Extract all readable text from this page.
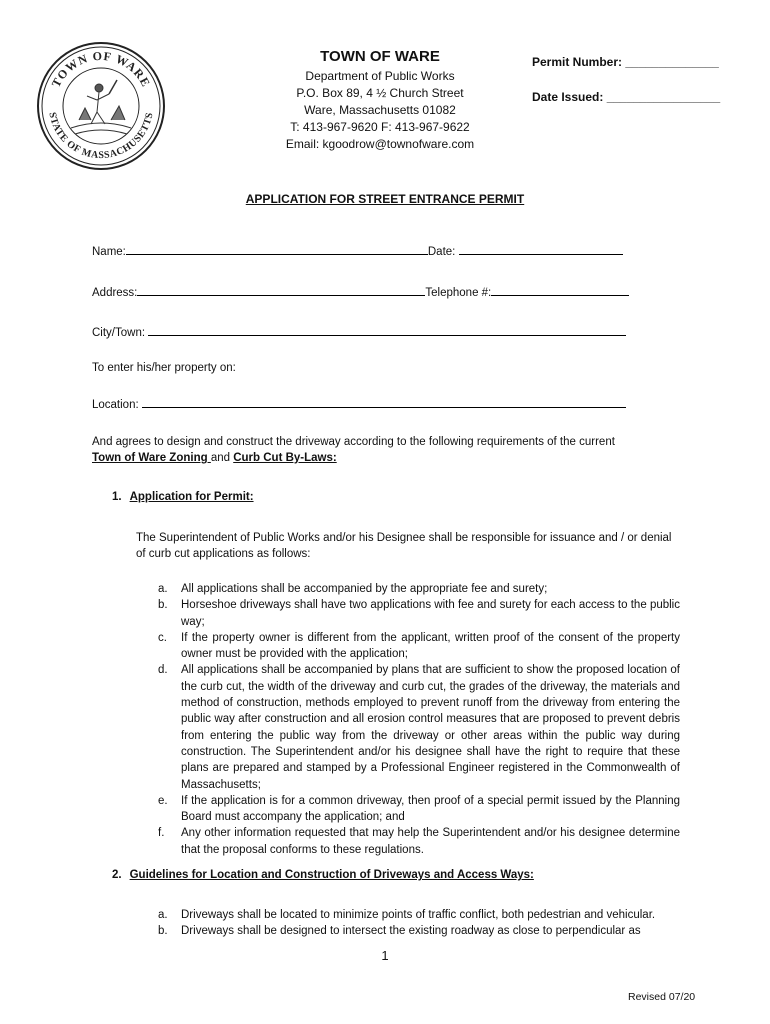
TOWN OF WARE
STATE OF MASSACHUSETTS
TOWN OF WARE
Department of Public Works
P.O. Box 89, 4 ½ Church Street
Ware, Massachusetts 01082
T: 413-967-9620 F: 413-967-9622
Email: kgoodrow@townofware.com
Permit Number: ______________
Date Issued: _________________
APPLICATION FOR STREET ENTRANCE PERMIT
Name:	Date:
Address:	Telephone #:
City/Town:
To enter his/her property on:
Location:
And agrees to design and construct the driveway according to the following requirements of the current
Town of Ware Zoning and Curb Cut By-Laws:
1. Application for Permit:
The Superintendent of Public Works and/or his Designee shall be responsible for issuance and / or denial of curb cut applications as follows:
a. All applications shall be accompanied by the appropriate fee and surety;
b. Horseshoe driveways shall have two applications with fee and surety for each access to the public way;
c. If the property owner is different from the applicant, written proof of the consent of the property owner must be provided with the application;
d. All applications shall be accompanied by plans that are sufficient to show the proposed location of the curb cut, the width of the driveway and curb cut, the grades of the driveway, the materials and method of construction, methods employed to prevent runoff from the driveway from entering the public way after construction and all erosion control measures that are proposed to prevent debris from entering the public way from the driveway or other areas within the public way during construction. The Superintendent and/or his designee shall have the right to require that these plans are prepared and stamped by a Professional Engineer registered in the Commonwealth of Massachusetts;
e. If the application is for a common driveway, then proof of a special permit issued by the Planning Board must accompany the application; and
f. Any other information requested that may help the Superintendent and/or his designee determine that the proposal conforms to these regulations.
2. Guidelines for Location and Construction of Driveways and Access Ways:
a. Driveways shall be located to minimize points of traffic conflict, both pedestrian and vehicular.
b. Driveways shall be designed to intersect the existing roadway as close to perpendicular as
1
Revised 07/20
